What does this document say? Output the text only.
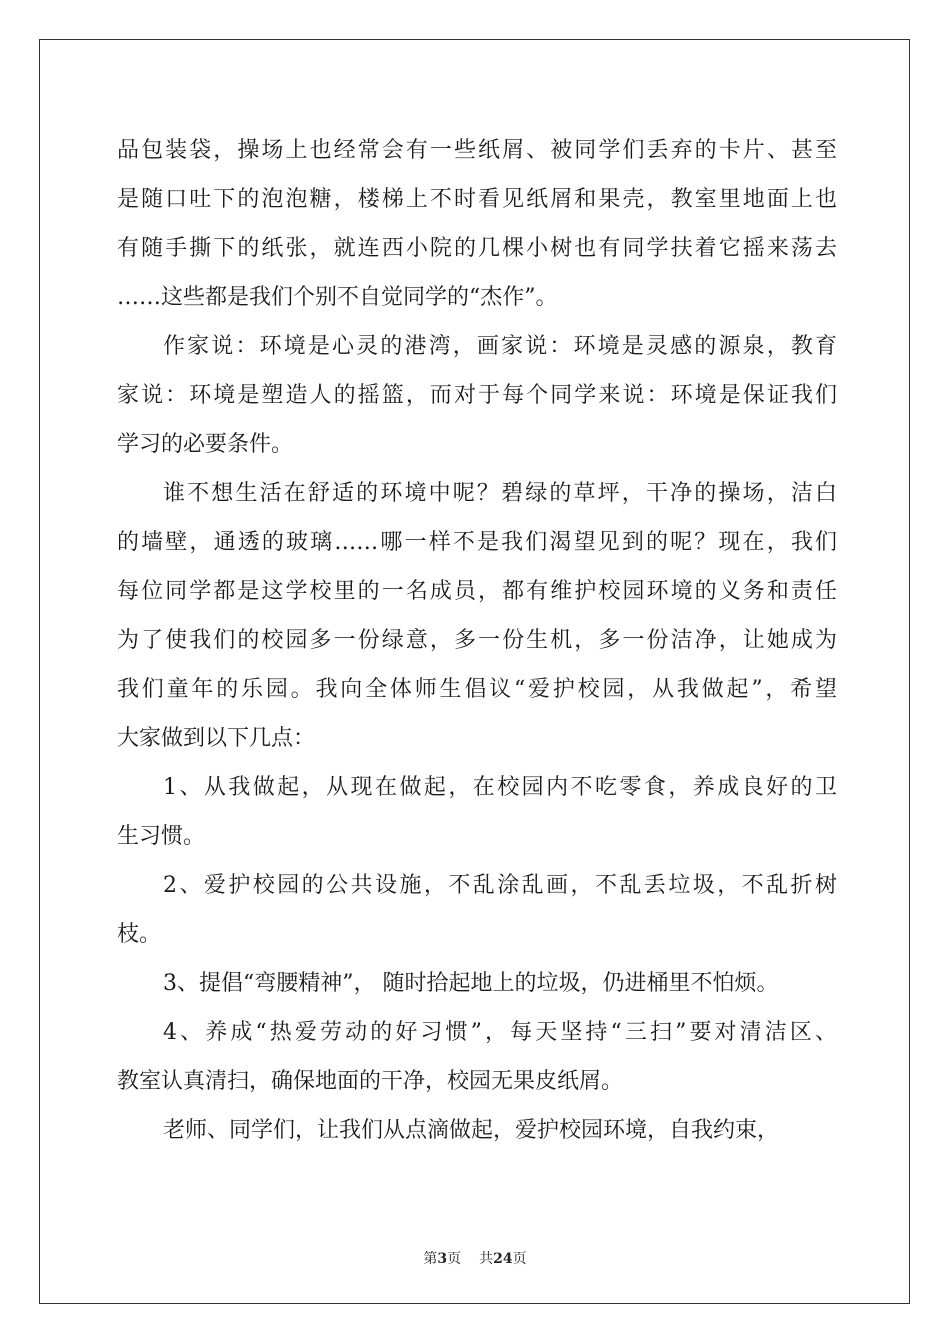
品包装袋，操场上也经常会有一些纸屑、被同学们丢弃的卡片、甚至
是随口吐下的泡泡糖，楼梯上不时看见纸屑和果壳，教室里地面上也
有随手撕下的纸张，就连西小院的几棵小树也有同学扶着它摇来荡去
……这些都是我们个别不自觉同学的“杰作”。
作家说：环境是心灵的港湾，画家说：环境是灵感的源泉，教育
家说：环境是塑造人的摇篮，而对于每个同学来说：环境是保证我们
学习的必要条件。
谁不想生活在舒适的环境中呢？碧绿的草坪，干净的操场，洁白
的墙壁，通透的玻璃……哪一样不是我们渴望见到的呢？现在，我们
每位同学都是这学校里的一名成员，都有维护校园环境的义务和责任
为了使我们的校园多一份绿意，多一份生机，多一份洁净，让她成为
我们童年的乐园。我向全体师生倡议“爱护校园，从我做起”，希望
大家做到以下几点：
1、从我做起，从现在做起，在校园内不吃零食，养成良好的卫
生习惯。
2、爱护校园的公共设施，不乱涂乱画，不乱丢垃圾，不乱折树
枝。
3、提倡“弯腰精神”， 随时拾起地上的垃圾，仍进桶里不怕烦。
4、养成“热爱劳动的好习惯”，每天坚持“三扫”要对清洁区、
教室认真清扫，确保地面的干净，校园无果皮纸屑。
老师、同学们，让我们从点滴做起，爱护校园环境，自我约束，
第3页 共24页
